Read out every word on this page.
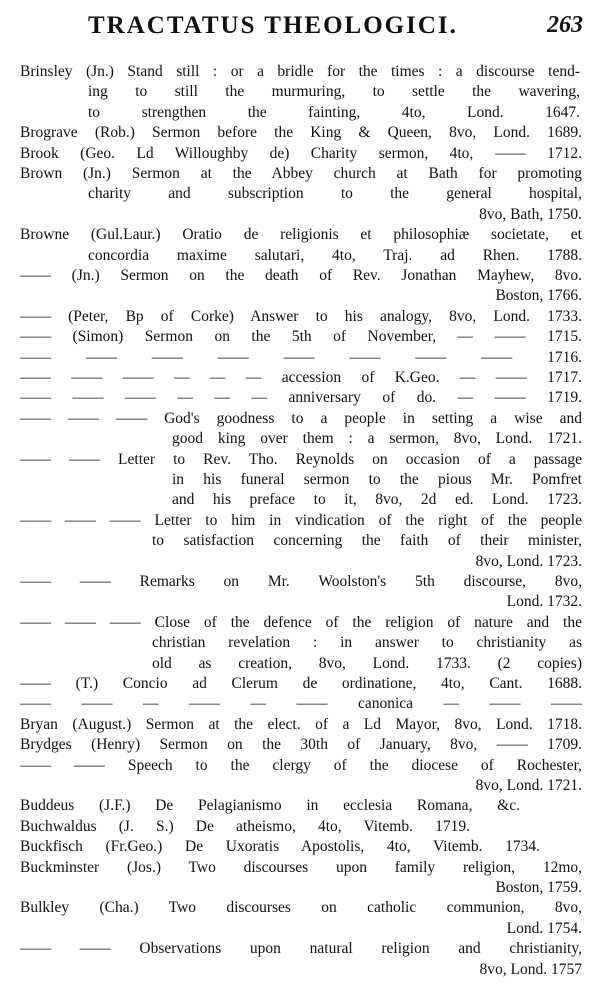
TRACTATUS THEOLOGICI.	263
Brinsley (Jn.) Stand still : or a bridle for the times : a discourse tend-
ing to still the murmuring, to settle the wavering,
to strengthen the fainting, 4to, Lond. 1647.
Brograve (Rob.) Sermon before the King & Queen, 8vo, Lond. 1689.
Brook (Geo. Ld Willoughby de) Charity sermon, 4to, —— 1712.
Brown (Jn.) Sermon at the Abbey church at Bath for promoting
charity and subscription to the general hospital,
8vo, Bath, 1750.
Browne (Gul.Laur.) Oratio de religionis et philosophiæ societate, et
concordia maxime salutari, 4to, Traj. ad Rhen. 1788.
—— (Jn.) Sermon on the death of Rev. Jonathan Mayhew, 8vo.
Boston, 1766.
—— (Peter, Bp of Corke) Answer to his analogy, 8vo, Lond. 1733.
—— (Simon) Sermon on the 5th of November, — —— 1715.
—— —— —— —— —— —— —— —— 1716.
—— —— —— — — — accession of K.Geo. — —— 1717.
—— —— —— — — — anniversary of do. — —— 1719.
—— —— —— God's goodness to a people in setting a wise and
good king over them : a sermon, 8vo, Lond. 1721.
—— —— Letter to Rev. Tho. Reynolds on occasion of a passage
in his funeral sermon to the pious Mr. Pomfret
and his preface to it, 8vo, 2d ed. Lond. 1723.
—— —— —— Letter to him in vindication of the right of the people
to satisfaction concerning the faith of their minister,
8vo, Lond. 1723.
—— —— Remarks on Mr. Woolston's 5th discourse, 8vo,
Lond. 1732.
—— —— —— Close of the defence of the religion of nature and the
christian revelation : in answer to christianity as
old as creation, 8vo, Lond. 1733. (2 copies)
—— (T.) Concio ad Clerum de ordinatione, 4to, Cant. 1688.
—— —— — —— — —— canonica — —— ——
Bryan (August.) Sermon at the elect. of a Ld Mayor, 8vo, Lond. 1718.
Brydges (Henry) Sermon on the 30th of January, 8vo, —— 1709.
—— —— Speech to the clergy of the diocese of Rochester,
8vo, Lond. 1721.
Buddeus (J.F.) De Pelagianismo in ecclesia Romana, &c.
Buchwaldus (J. S.) De atheismo, 4to, Vitemb. 1719.
Buckfisch (Fr.Geo.) De Uxoratis Apostolis, 4to, Vitemb. 1734.
Buckminster (Jos.) Two discourses upon family religion, 12mo,
Boston, 1759.
Bulkley (Cha.) Two discourses on catholic communion, 8vo,
Lond. 1754.
—— —— Observations upon natural religion and christianity,
8vo, Lond. 1757
